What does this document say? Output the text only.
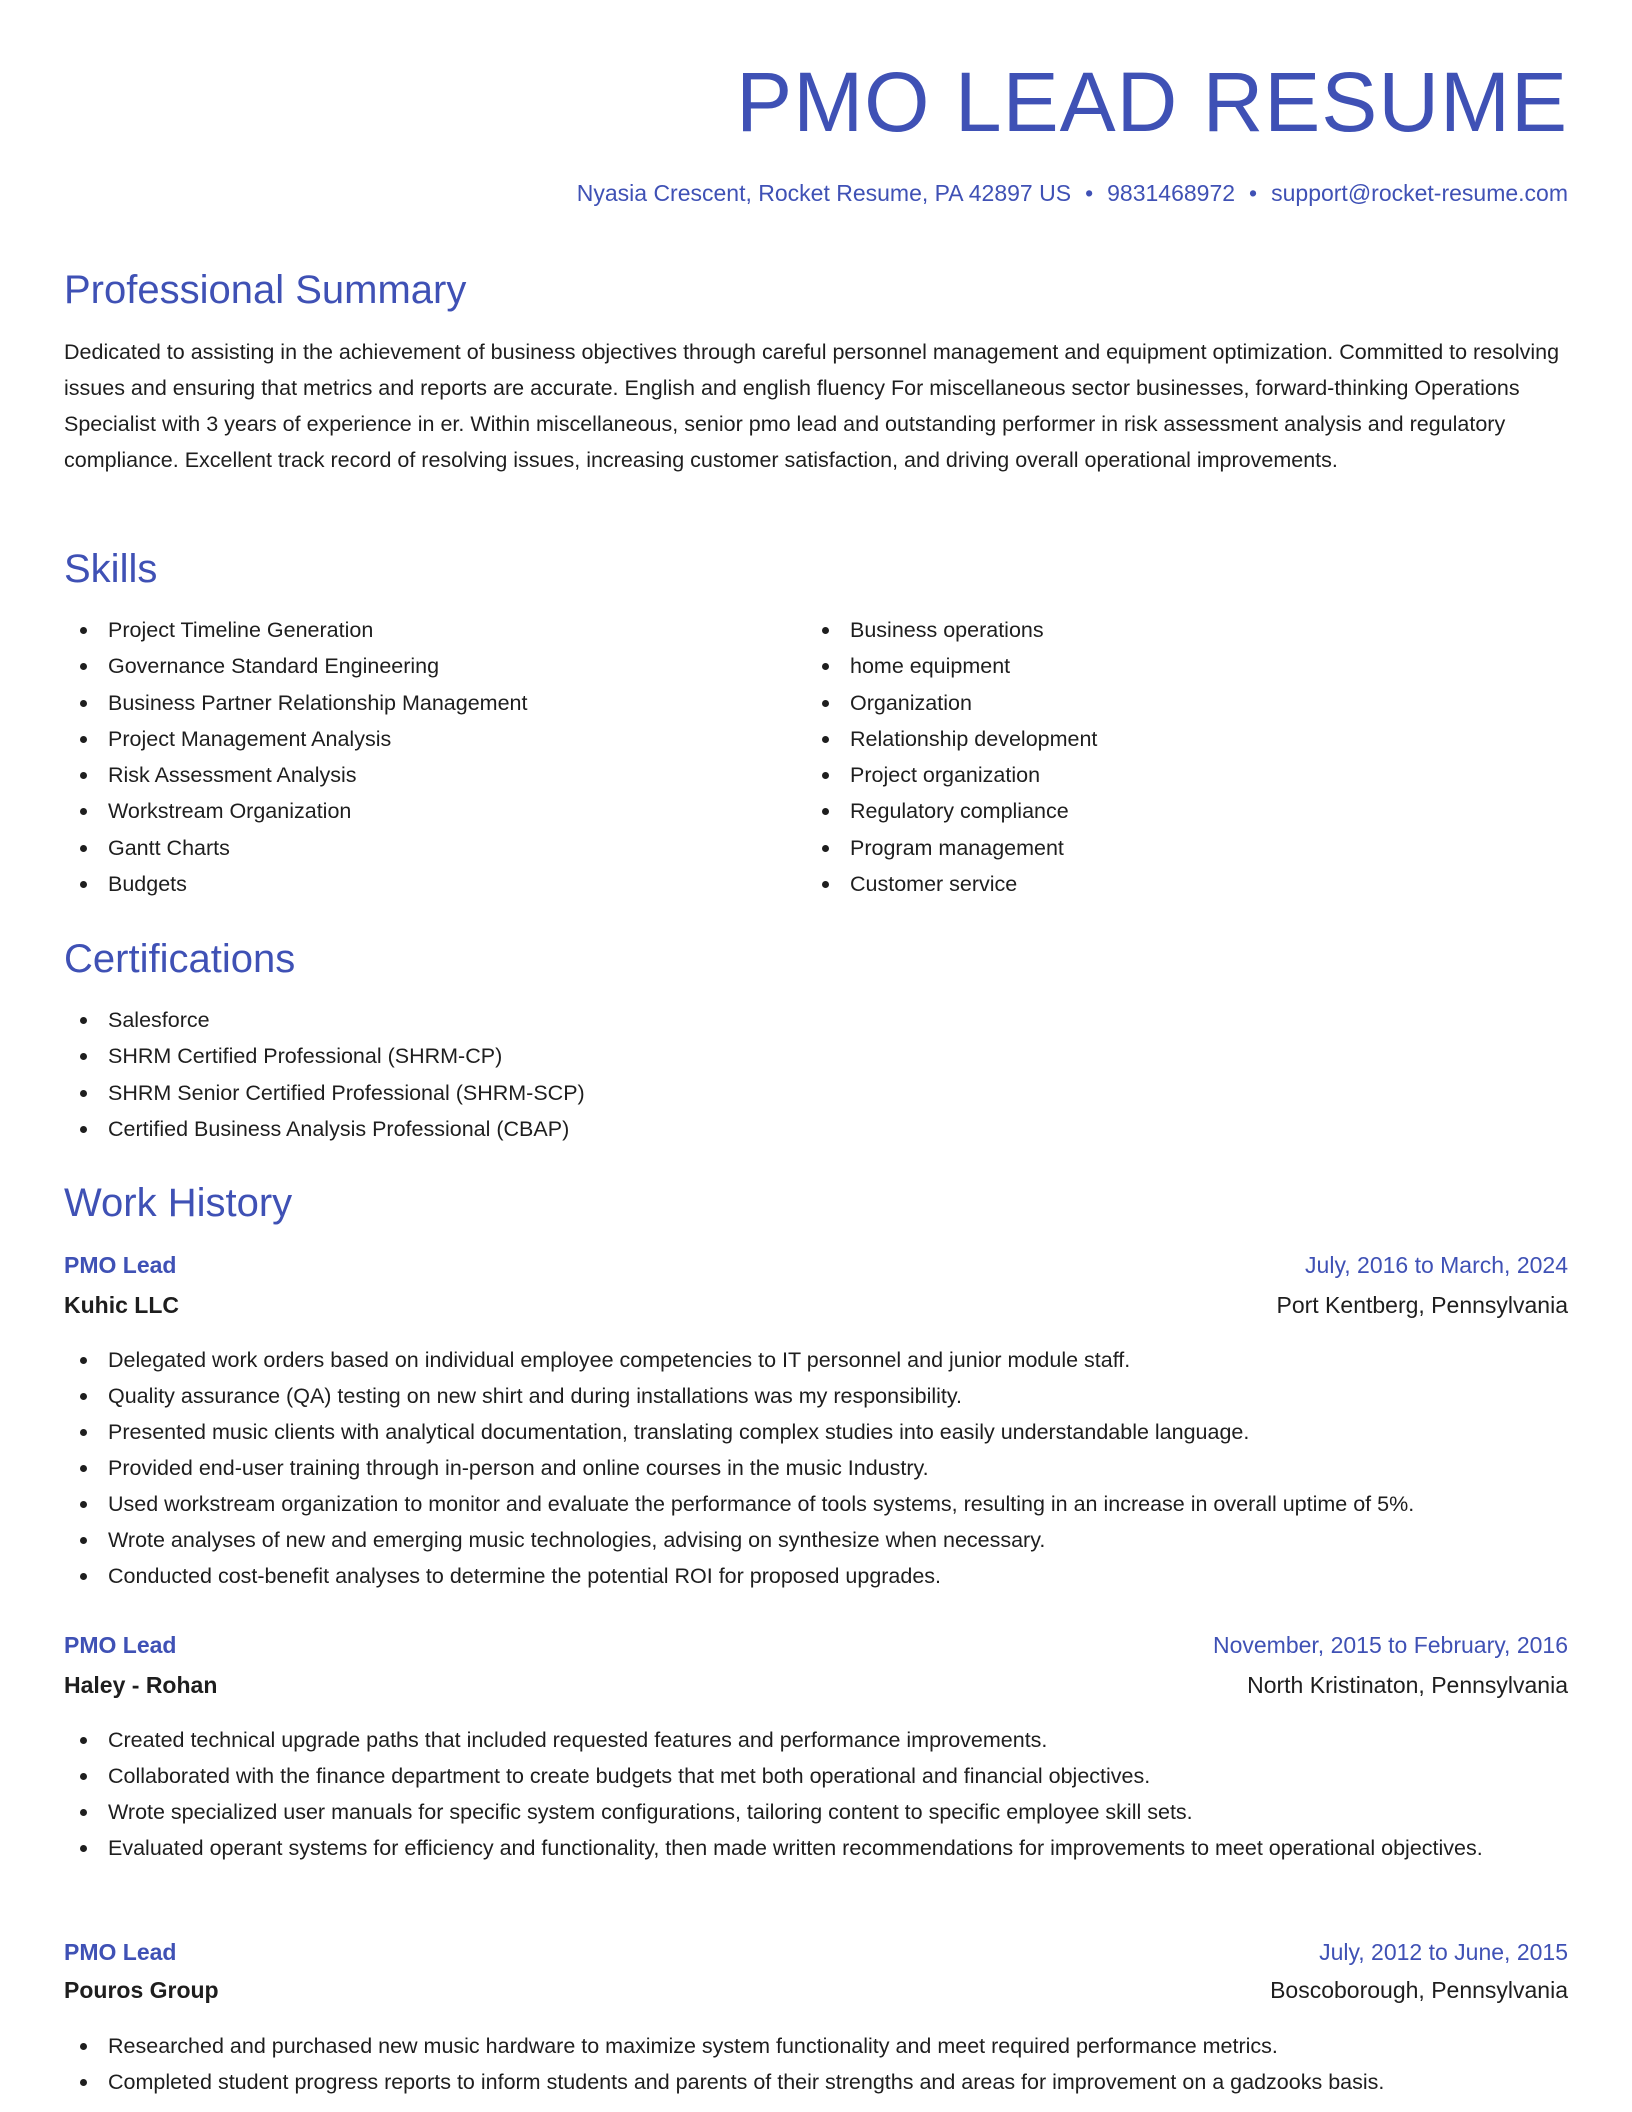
PMO LEAD RESUME
Nyasia Crescent, Rocket Resume, PA 42897 US • 9831468972 • support@rocket-resume.com
Professional Summary

Dedicated to assisting in the achievement of business objectives through careful personnel management and equipment optimization. Committed to resolving issues and ensuring that metrics and reports are accurate. English and english fluency For miscellaneous sector businesses, forward-thinking Operations Specialist with 3 years of experience in er. Within miscellaneous, senior pmo lead and outstanding performer in risk assessment analysis and regulatory compliance. Excellent track record of resolving issues, increasing customer satisfaction, and driving overall operational improvements.

Skills
Project Timeline Generation
Governance Standard Engineering
Business Partner Relationship Management
Project Management Analysis
Risk Assessment Analysis
Workstream Organization
Gantt Charts
Budgets
Business operations
home equipment
Organization
Relationship development
Project organization
Regulatory compliance
Program management
Customer service
Certifications
Salesforce
SHRM Certified Professional (SHRM-CP)
SHRM Senior Certified Professional (SHRM-SCP)
Certified Business Analysis Professional (CBAP)
Work History
PMO Lead	July, 2016 to March, 2024
Kuhic LLC	Port Kentberg, Pennsylvania
Delegated work orders based on individual employee competencies to IT personnel and junior module staff.
Quality assurance (QA) testing on new shirt and during installations was my responsibility.
Presented music clients with analytical documentation, translating complex studies into easily understandable language.
Provided end-user training through in-person and online courses in the music Industry.
Used workstream organization to monitor and evaluate the performance of tools systems, resulting in an increase in overall uptime of 5%.
Wrote analyses of new and emerging music technologies, advising on synthesize when necessary.
Conducted cost-benefit analyses to determine the potential ROI for proposed upgrades.
PMO Lead	November, 2015 to February, 2016
Haley - Rohan	North Kristinaton, Pennsylvania
Created technical upgrade paths that included requested features and performance improvements.
Collaborated with the finance department to create budgets that met both operational and financial objectives.
Wrote specialized user manuals for specific system configurations, tailoring content to specific employee skill sets.
Evaluated operant systems for efficiency and functionality, then made written recommendations for improvements to meet operational objectives.
PMO Lead	July, 2012 to June, 2015
Pouros Group	Boscoborough, Pennsylvania
Researched and purchased new music hardware to maximize system functionality and meet required performance metrics.
Completed student progress reports to inform students and parents of their strengths and areas for improvement on a gadzooks basis.
